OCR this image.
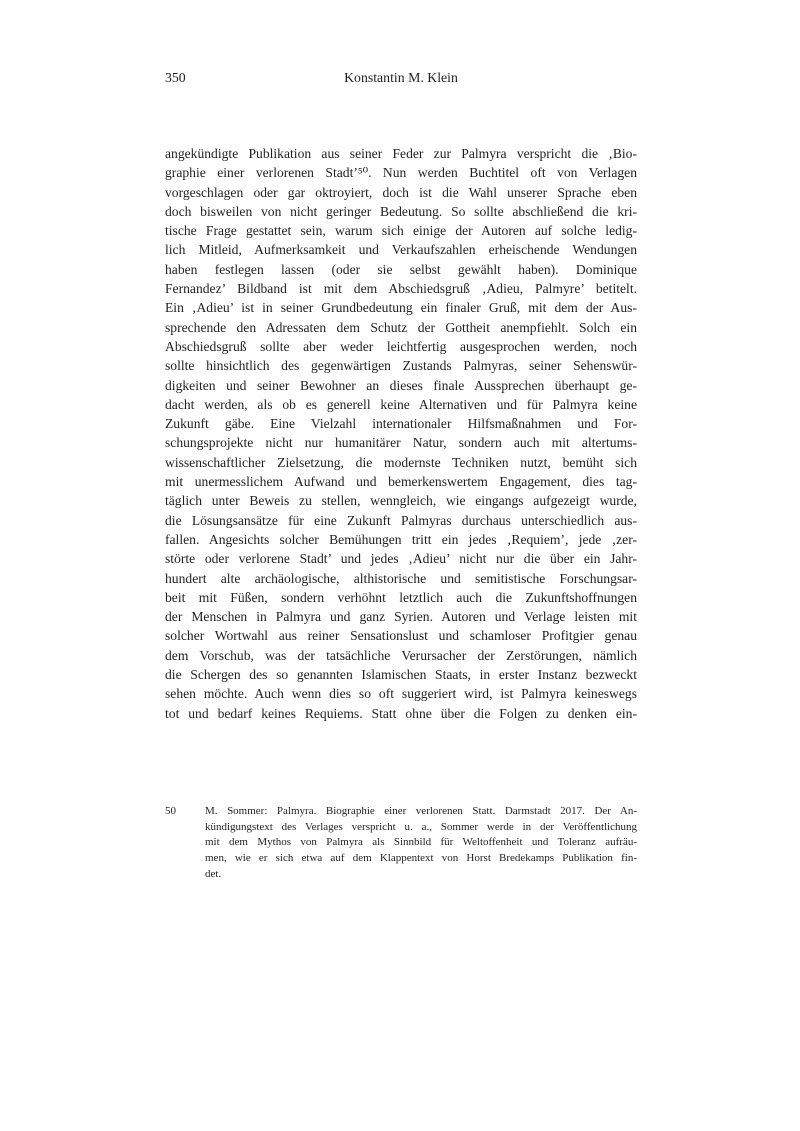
350	Konstantin M. Klein
angekündigte Publikation aus seiner Feder zur Palmyra verspricht die ‚Bio-
graphie einer verlorenen Stadt’⁵⁰. Nun werden Buchtitel oft von Verlagen
vorgeschlagen oder gar oktroyiert, doch ist die Wahl unserer Sprache eben
doch bisweilen von nicht geringer Bedeutung. So sollte abschließend die kri-
tische Frage gestattet sein, warum sich einige der Autoren auf solche ledig-
lich Mitleid, Aufmerksamkeit und Verkaufszahlen erheischende Wendungen
haben festlegen lassen (oder sie selbst gewählt haben). Dominique
Fernandez’ Bildband ist mit dem Abschiedsgruß ‚Adieu, Palmyre’ betitelt.
Ein ‚Adieu’ ist in seiner Grundbedeutung ein finaler Gruß, mit dem der Aus-
sprechende den Adressaten dem Schutz der Gottheit anempfiehlt. Solch ein
Abschiedsgruß sollte aber weder leichtfertig ausgesprochen werden, noch
sollte hinsichtlich des gegenwärtigen Zustands Palmyras, seiner Sehenswür-
digkeiten und seiner Bewohner an dieses finale Aussprechen überhaupt ge-
dacht werden, als ob es generell keine Alternativen und für Palmyra keine
Zukunft gäbe. Eine Vielzahl internationaler Hilfsmaßnahmen und For-
schungsprojekte nicht nur humanitärer Natur, sondern auch mit altertums-
wissenschaftlicher Zielsetzung, die modernste Techniken nutzt, bemüht sich
mit unermesslichem Aufwand und bemerkenswertem Engagement, dies tag-
täglich unter Beweis zu stellen, wenngleich, wie eingangs aufgezeigt wurde,
die Lösungsansätze für eine Zukunft Palmyras durchaus unterschiedlich aus-
fallen. Angesichts solcher Bemühungen tritt ein jedes ‚Requiem’, jede ‚zer-
störte oder verlorene Stadt’ und jedes ‚Adieu’ nicht nur die über ein Jahr-
hundert alte archäologische, althistorische und semitistische Forschungsar-
beit mit Füßen, sondern verhöhnt letztlich auch die Zukunftshoffnungen
der Menschen in Palmyra und ganz Syrien. Autoren und Verlage leisten mit
solcher Wortwahl aus reiner Sensationslust und schamloser Profitgier genau
dem Vorschub, was der tatsächliche Verursacher der Zerstörungen, nämlich
die Schergen des so genannten Islamischen Staats, in erster Instanz bezweckt
sehen möchte. Auch wenn dies so oft suggeriert wird, ist Palmyra keineswegs
tot und bedarf keines Requiems. Statt ohne über die Folgen zu denken ein-
50	M. Sommer: Palmyra. Biographie einer verlorenen Statt. Darmstadt 2017. Der An-
kündigungstext des Verlages verspricht u. a., Sommer werde in der Veröffentlichung
mit dem Mythos von Palmyra als Sinnbild für Weltoffenheit und Toleranz aufräu-
men, wie er sich etwa auf dem Klappentext von Horst Bredekamps Publikation fin-
det.
